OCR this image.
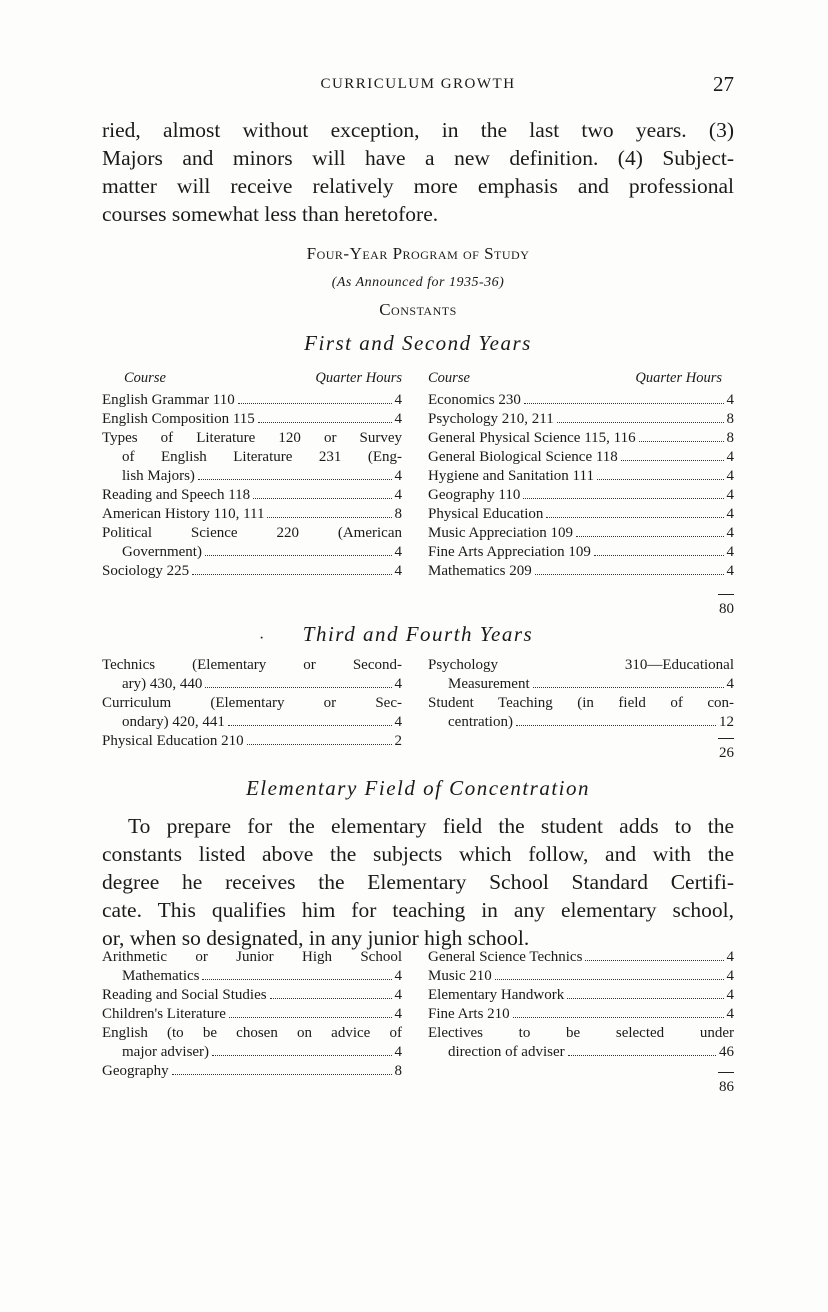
CURRICULUM GROWTH	27
ried, almost without exception, in the last two years. (3)
Majors and minors will have a new definition. (4) Subject-
matter will receive relatively more emphasis and professional
courses somewhat less than heretofore.
Four-Year Program of Study
(As Announced for 1935-36)
Constants
First and Second Years
Course	Quarter Hours
English Grammar 110	4
English Composition 115	4
Types of Literature 120 or Survey
of English Literature 231 (Eng-
lish Majors)	4
Reading and Speech 118	4
American History 110, 111	8
Political Science 220 (American
Government)	4
Sociology 225	4
Course	Quarter Hours
Economics 230	4
Psychology 210, 211	8
General Physical Science 115, 116	8
General Biological Science 118	4
Hygiene and Sanitation 111	4
Geography 110	4
Physical Education	4
Music Appreciation 109	4
Fine Arts Appreciation 109	4
Mathematics 209	4
80
·	Third and Fourth Years
Technics (Elementary or Second-
ary) 430, 440	4
Curriculum (Elementary or Sec-
ondary) 420, 441	4
Physical Education 210	2
Psychology 310—Educational
Measurement	4
Student Teaching (in field of con-
centration)	12
26
Elementary Field of Concentration
To prepare for the elementary field the student adds to the
constants listed above the subjects which follow, and with the
degree he receives the Elementary School Standard Certifi-
cate. This qualifies him for teaching in any elementary school,
or, when so designated, in any junior high school.
Arithmetic or Junior High School
Mathematics	4
Reading and Social Studies	4
Children's Literature	4
English (to be chosen on advice of
major adviser)	4
Geography	8
General Science Technics	4
Music 210	4
Elementary Handwork	4
Fine Arts 210	4
Electives to be selected under
direction of adviser	46
86
